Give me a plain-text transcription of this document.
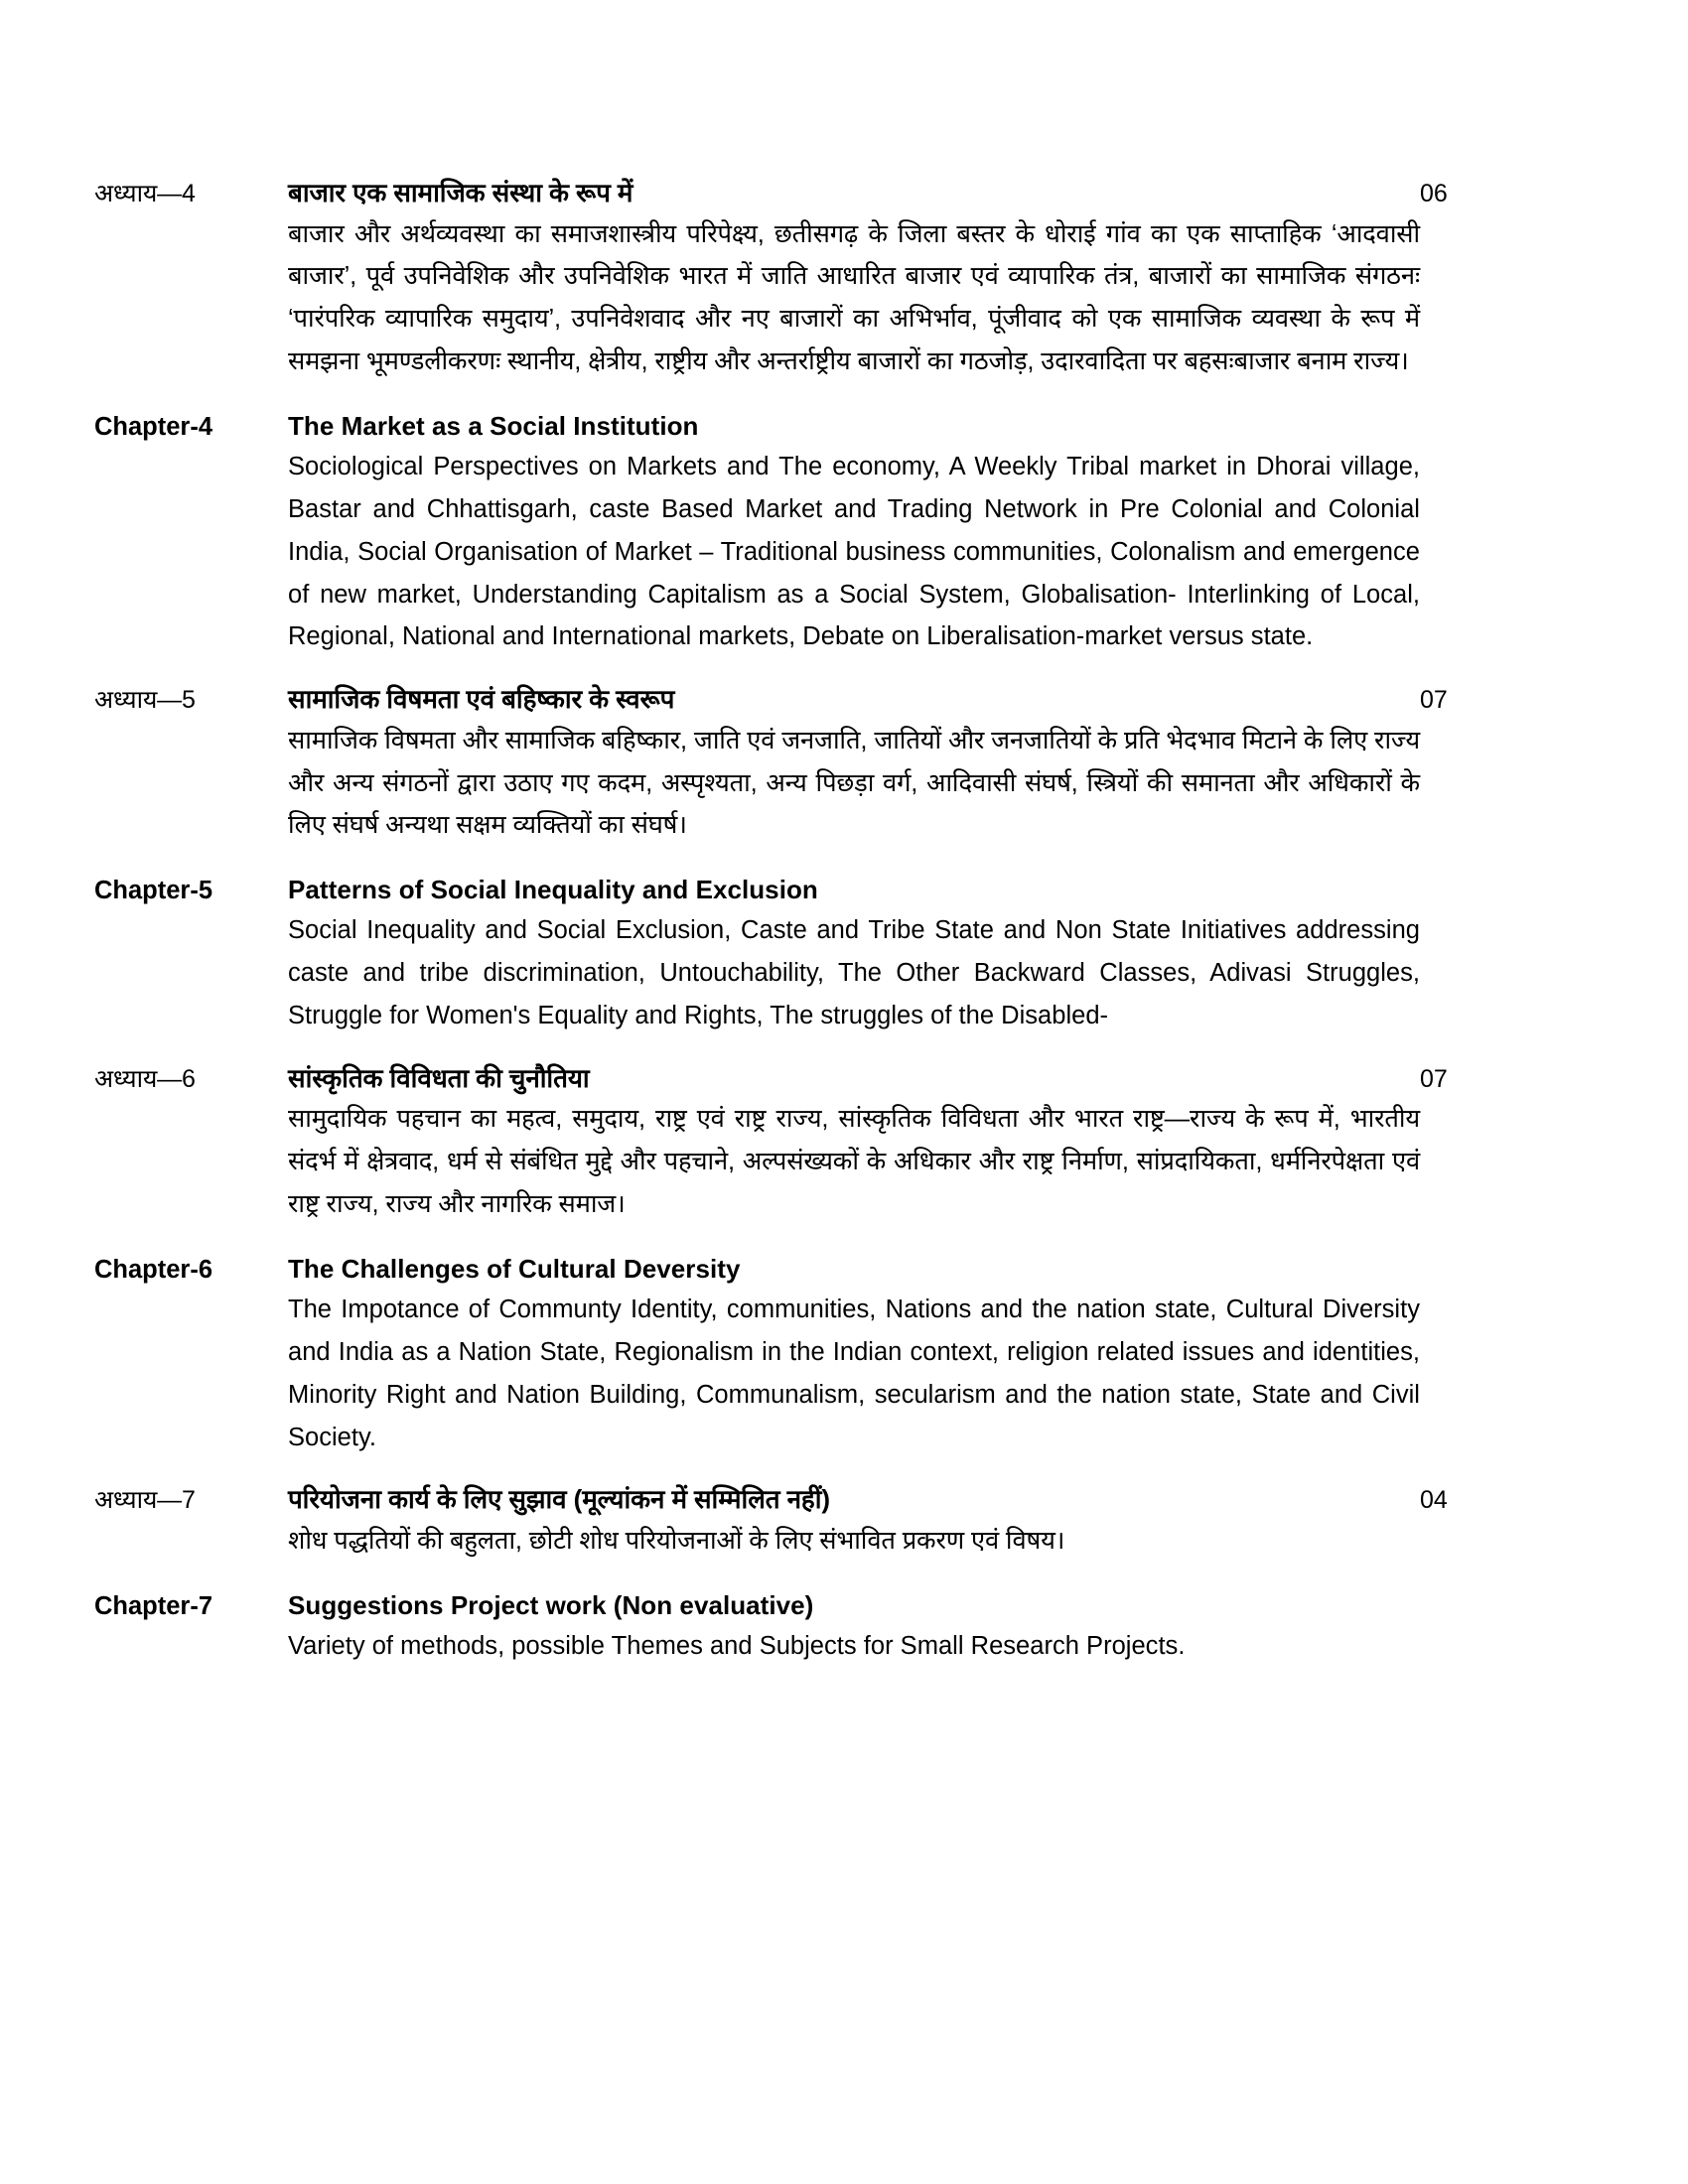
अध्याय—4	बाजार एक सामाजिक संस्था के रूप में	06
बाजार और अर्थव्यवस्था का समाजशास्त्रीय परिपेक्ष्य, छतीसगढ़ के जिला बस्तर के धोराई गांव का एक साप्ताहिक ‘आदवासी बाजार’, पूर्व उपनिवेशिक और उपनिवेशिक भारत में जाति आधारित बाजार एवं व्यापारिक तंत्र, बाजारों का सामाजिक संगठनः ‘पारंपरिक व्यापारिक समुदाय’, उपनिवेशवाद और नए बाजारों का अभिर्भाव, पूंजीवाद को एक सामाजिक व्यवस्था के रूप में समझना भूमण्डलीकरणः स्थानीय, क्षेत्रीय, राष्ट्रीय और अन्तर्राष्ट्रीय बाजारों का गठजोड़, उदारवादिता पर बहसःबाजार बनाम राज्य।
Chapter-4	The Market as a Social Institution
Sociological Perspectives on Markets and The economy, A Weekly Tribal market in Dhorai village, Bastar and Chhattisgarh, caste Based Market and Trading Network in Pre Colonial and Colonial India, Social Organisation of Market – Traditional business communities, Colonalism and emergence of new market, Understanding Capitalism as a Social System, Globalisation- Interlinking of Local, Regional, National and International markets, Debate on Liberalisation-market versus state.
अध्याय—5	सामाजिक विषमता एवं बहिष्कार के स्वरूप	07
सामाजिक विषमता और सामाजिक बहिष्कार, जाति एवं जनजाति, जातियों और जनजातियों के प्रति भेदभाव मिटाने के लिए राज्य और अन्य संगठनों द्वारा उठाए गए कदम, अस्पृश्यता, अन्य पिछड़ा वर्ग, आदिवासी संघर्ष, स्त्रियों की समानता और अधिकारों के लिए संघर्ष अन्यथा सक्षम व्यक्तियों का संघर्ष।
Chapter-5	Patterns of Social Inequality and Exclusion
Social Inequality and Social Exclusion, Caste and Tribe State and Non State Initiatives addressing caste and tribe discrimination, Untouchability, The Other Backward Classes, Adivasi Struggles, Struggle for Women's Equality and Rights, The struggles of the Disabled-
अध्याय—6	सांस्कृतिक विविधता की चुनौतिया	07
सामुदायिक पहचान का महत्व, समुदाय, राष्ट्र एवं राष्ट्र राज्य, सांस्कृतिक विविधता और भारत राष्ट्र—राज्य के रूप में, भारतीय संदर्भ में क्षेत्रवाद, धर्म से संबंधित मुद्दे और पहचाने, अल्पसंख्यकों के अधिकार और राष्ट्र निर्माण, सांप्रदायिकता, धर्मनिरपेक्षता एवं राष्ट्र राज्य, राज्य और नागरिक समाज।
Chapter-6	The Challenges of Cultural Deversity
The Impotance of Communty Identity, communities, Nations and the nation state, Cultural Diversity and India as a Nation State, Regionalism in the Indian context, religion related issues and identities, Minority Right and Nation Building, Communalism, secularism and the nation state, State and Civil Society.
अध्याय—7	परियोजना कार्य के लिए सुझाव (मूल्यांकन में सम्मिलित नहीं)	04
शोध पद्धतियों की बहुलता, छोटी शोध परियोजनाओं के लिए संभावित प्रकरण एवं विषय।
Chapter-7	Suggestions Project work (Non evaluative)
Variety of methods, possible Themes and Subjects for Small Research Projects.
